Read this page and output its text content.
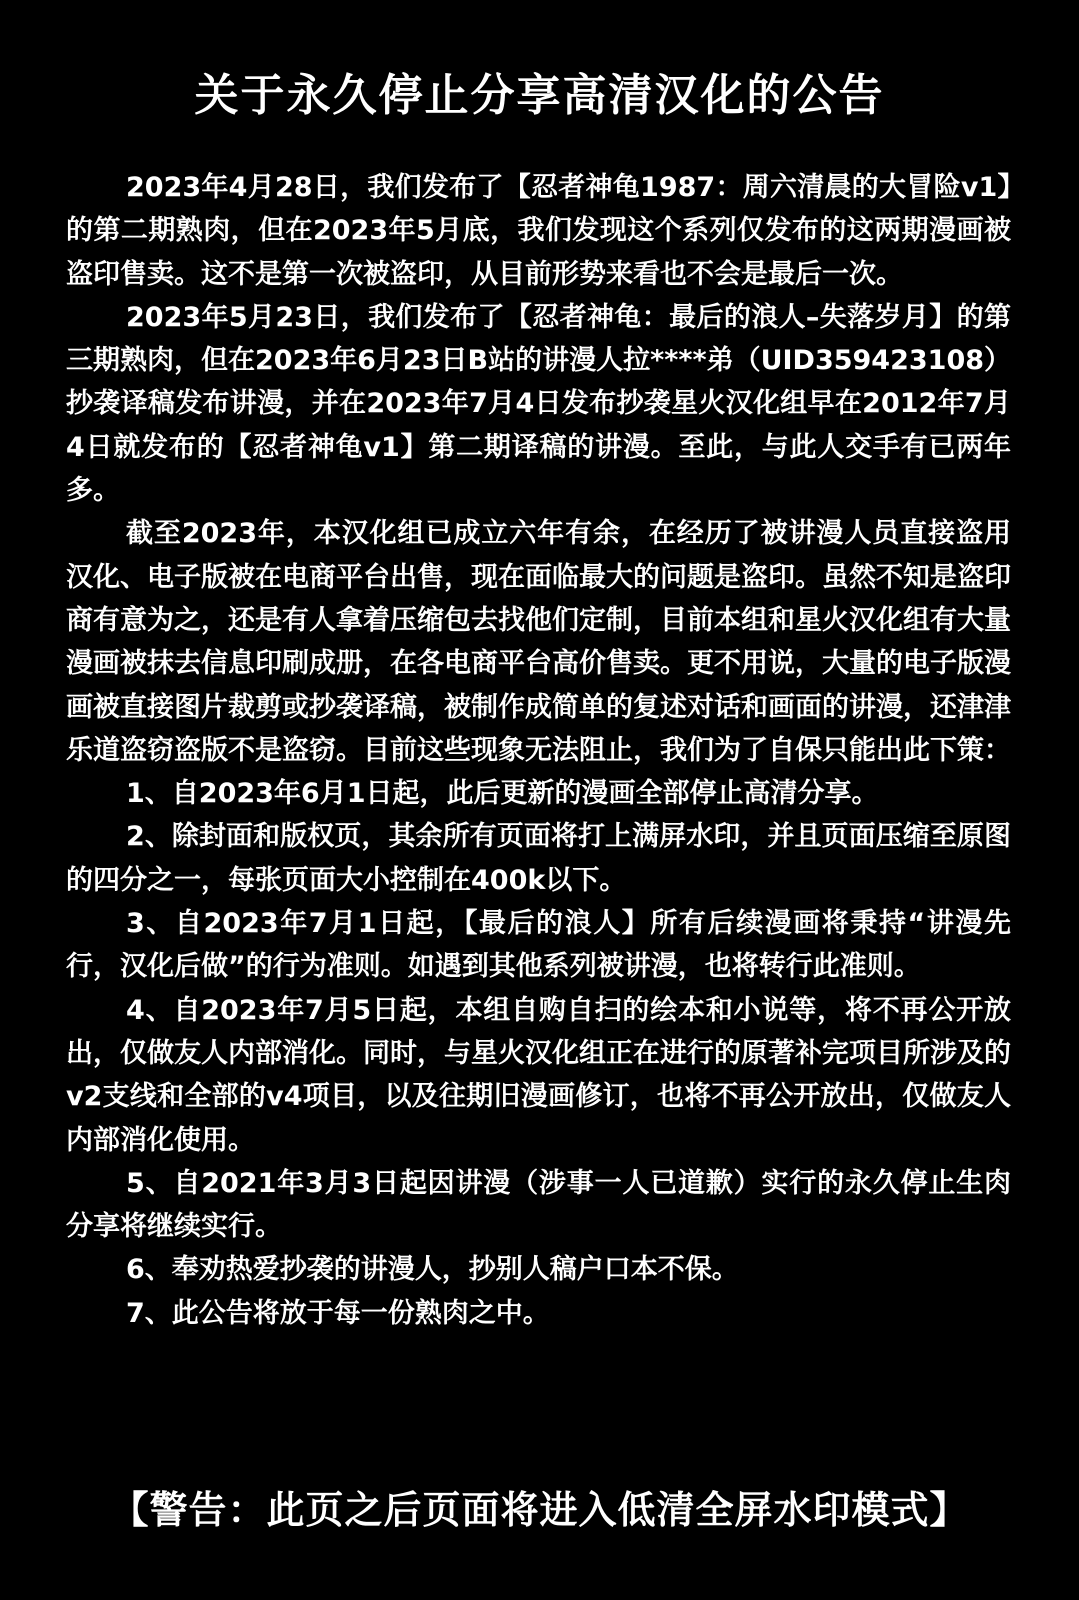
关于永久停止分享高清汉化的公告

2023年4月28日，我们发布了【忍者神龟1987：周六清晨的大冒险v1】的第二期熟肉，但在2023年5月底，我们发现这个系列仅发布的这两期漫画被盗印售卖。这不是第一次被盗印，从目前形势来看也不会是最后一次。

2023年5月23日，我们发布了【忍者神龟：最后的浪人–失落岁月】的第三期熟肉，但在2023年6月23日B站的讲漫人拉****弟（UID359423108）抄袭译稿发布讲漫，并在2023年7月4日发布抄袭星火汉化组早在2012年7月4日就发布的【忍者神龟v1】第二期译稿的讲漫。至此，与此人交手有已两年多。

截至2023年，本汉化组已成立六年有余，在经历了被讲漫人员直接盗用汉化、电子版被在电商平台出售，现在面临最大的问题是盗印。虽然不知是盗印商有意为之，还是有人拿着压缩包去找他们定制，目前本组和星火汉化组有大量漫画被抹去信息印刷成册，在各电商平台高价售卖。更不用说，大量的电子版漫画被直接图片裁剪或抄袭译稿，被制作成简单的复述对话和画面的讲漫，还津津乐道盗窃盗版不是盗窃。目前这些现象无法阻止，我们为了自保只能出此下策：

1、自2023年6月1日起，此后更新的漫画全部停止高清分享。

2、除封面和版权页，其余所有页面将打上满屏水印，并且页面压缩至原图的四分之一，每张页面大小控制在400k以下。

3、自2023年7月1日起，【最后的浪人】所有后续漫画将秉持“讲漫先行，汉化后做”的行为准则。如遇到其他系列被讲漫，也将转行此准则。

4、自2023年7月5日起，本组自购自扫的绘本和小说等，将不再公开放出，仅做友人内部消化。同时，与星火汉化组正在进行的原著补完项目所涉及的v2支线和全部的v4项目，以及往期旧漫画修订，也将不再公开放出，仅做友人内部消化使用。

5、自2021年3月3日起因讲漫（涉事一人已道歉）实行的永久停止生肉分享将继续实行。

6、奉劝热爱抄袭的讲漫人，抄别人稿户口本不保。

7、此公告将放于每一份熟肉之中。

【警告：此页之后页面将进入低清全屏水印模式】
